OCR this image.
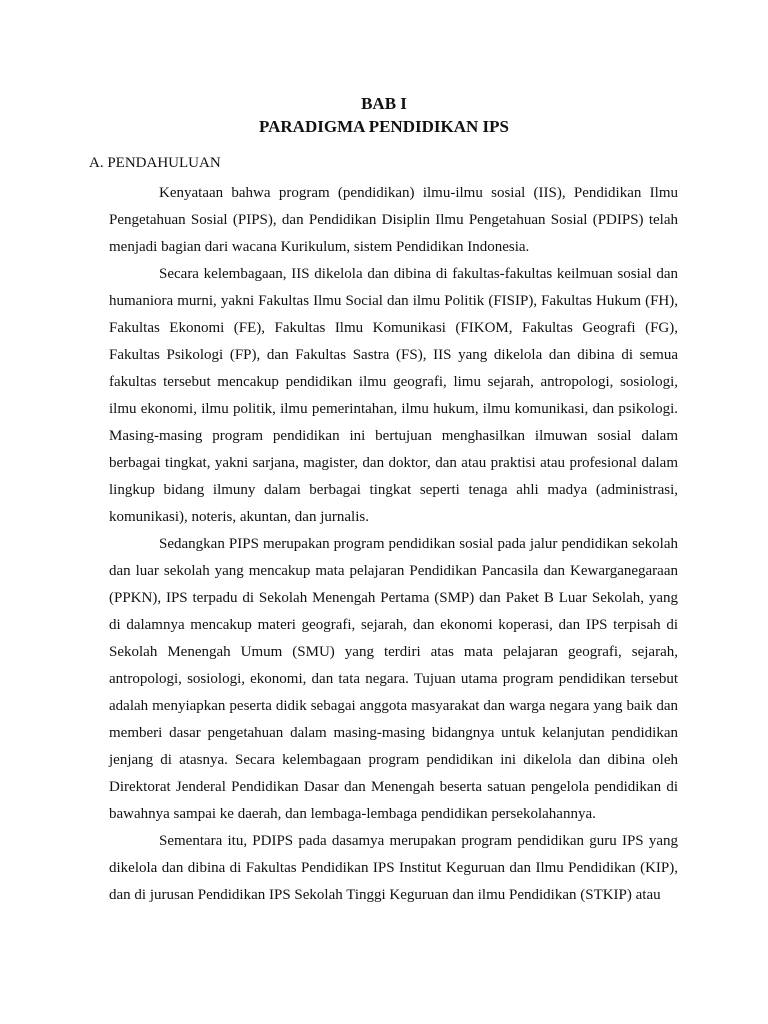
BAB I
PARADIGMA PENDIDIKAN IPS
A. PENDAHULUAN

Kenyataan bahwa program (pendidikan) ilmu-ilmu sosial (IIS), Pendidikan Ilmu Pengetahuan Sosial (PIPS), dan Pendidikan Disiplin Ilmu Pengetahuan Sosial (PDIPS) telah menjadi bagian dari wacana Kurikulum, sistem Pendidikan Indonesia.

Secara kelembagaan, IIS dikelola dan dibina di fakultas-fakultas keilmuan sosial dan humaniora murni, yakni Fakultas Ilmu Social dan ilmu Politik (FISIP), Fakultas Hukum (FH), Fakultas Ekonomi (FE), Fakultas Ilmu Komunikasi (FIKOM, Fakultas Geografi (FG), Fakultas Psikologi (FP), dan Fakultas Sastra (FS), IIS yang dikelola dan dibina di semua fakultas tersebut mencakup pendidikan ilmu geografi, limu sejarah, antropologi, sosiologi, ilmu ekonomi, ilmu politik, ilmu pemerintahan, ilmu hukum, ilmu komunikasi, dan psikologi. Masing-masing program pendidikan ini bertujuan menghasilkan ilmuwan sosial dalam berbagai tingkat, yakni sarjana, magister, dan doktor, dan atau praktisi atau profesional dalam lingkup bidang ilmuny dalam berbagai tingkat seperti tenaga ahli madya (administrasi, komunikasi), noteris, akuntan, dan jurnalis.

Sedangkan PIPS merupakan program pendidikan sosial pada jalur pendidikan sekolah dan luar sekolah yang mencakup mata pelajaran Pendidikan Pancasila dan Kewarganegaraan (PPKN), IPS terpadu di Sekolah Menengah Pertama (SMP) dan Paket B Luar Sekolah, yang di dalamnya mencakup materi geografi, sejarah, dan ekonomi koperasi, dan IPS terpisah di Sekolah Menengah Umum (SMU) yang terdiri atas mata pelajaran geografi, sejarah, antropologi, sosiologi, ekonomi, dan tata negara. Tujuan utama program pendidikan tersebut adalah menyiapkan peserta didik sebagai anggota masyarakat dan warga negara yang baik dan memberi dasar pengetahuan dalam masing-masing bidangnya untuk kelanjutan pendidikan jenjang di atasnya. Secara kelembagaan program pendidikan ini dikelola dan dibina oleh Direktorat Jenderal Pendidikan Dasar dan Menengah beserta satuan pengelola pendidikan di bawahnya sampai ke daerah, dan lembaga-lembaga pendidikan persekolahannya.

Sementara itu, PDIPS pada dasamya merupakan program pendidikan guru IPS yang dikelola dan dibina di Fakultas Pendidikan IPS Institut Keguruan dan Ilmu Pendidikan (KIP), dan di jurusan Pendidikan IPS Sekolah Tinggi Keguruan dan ilmu Pendidikan (STKIP) atau
